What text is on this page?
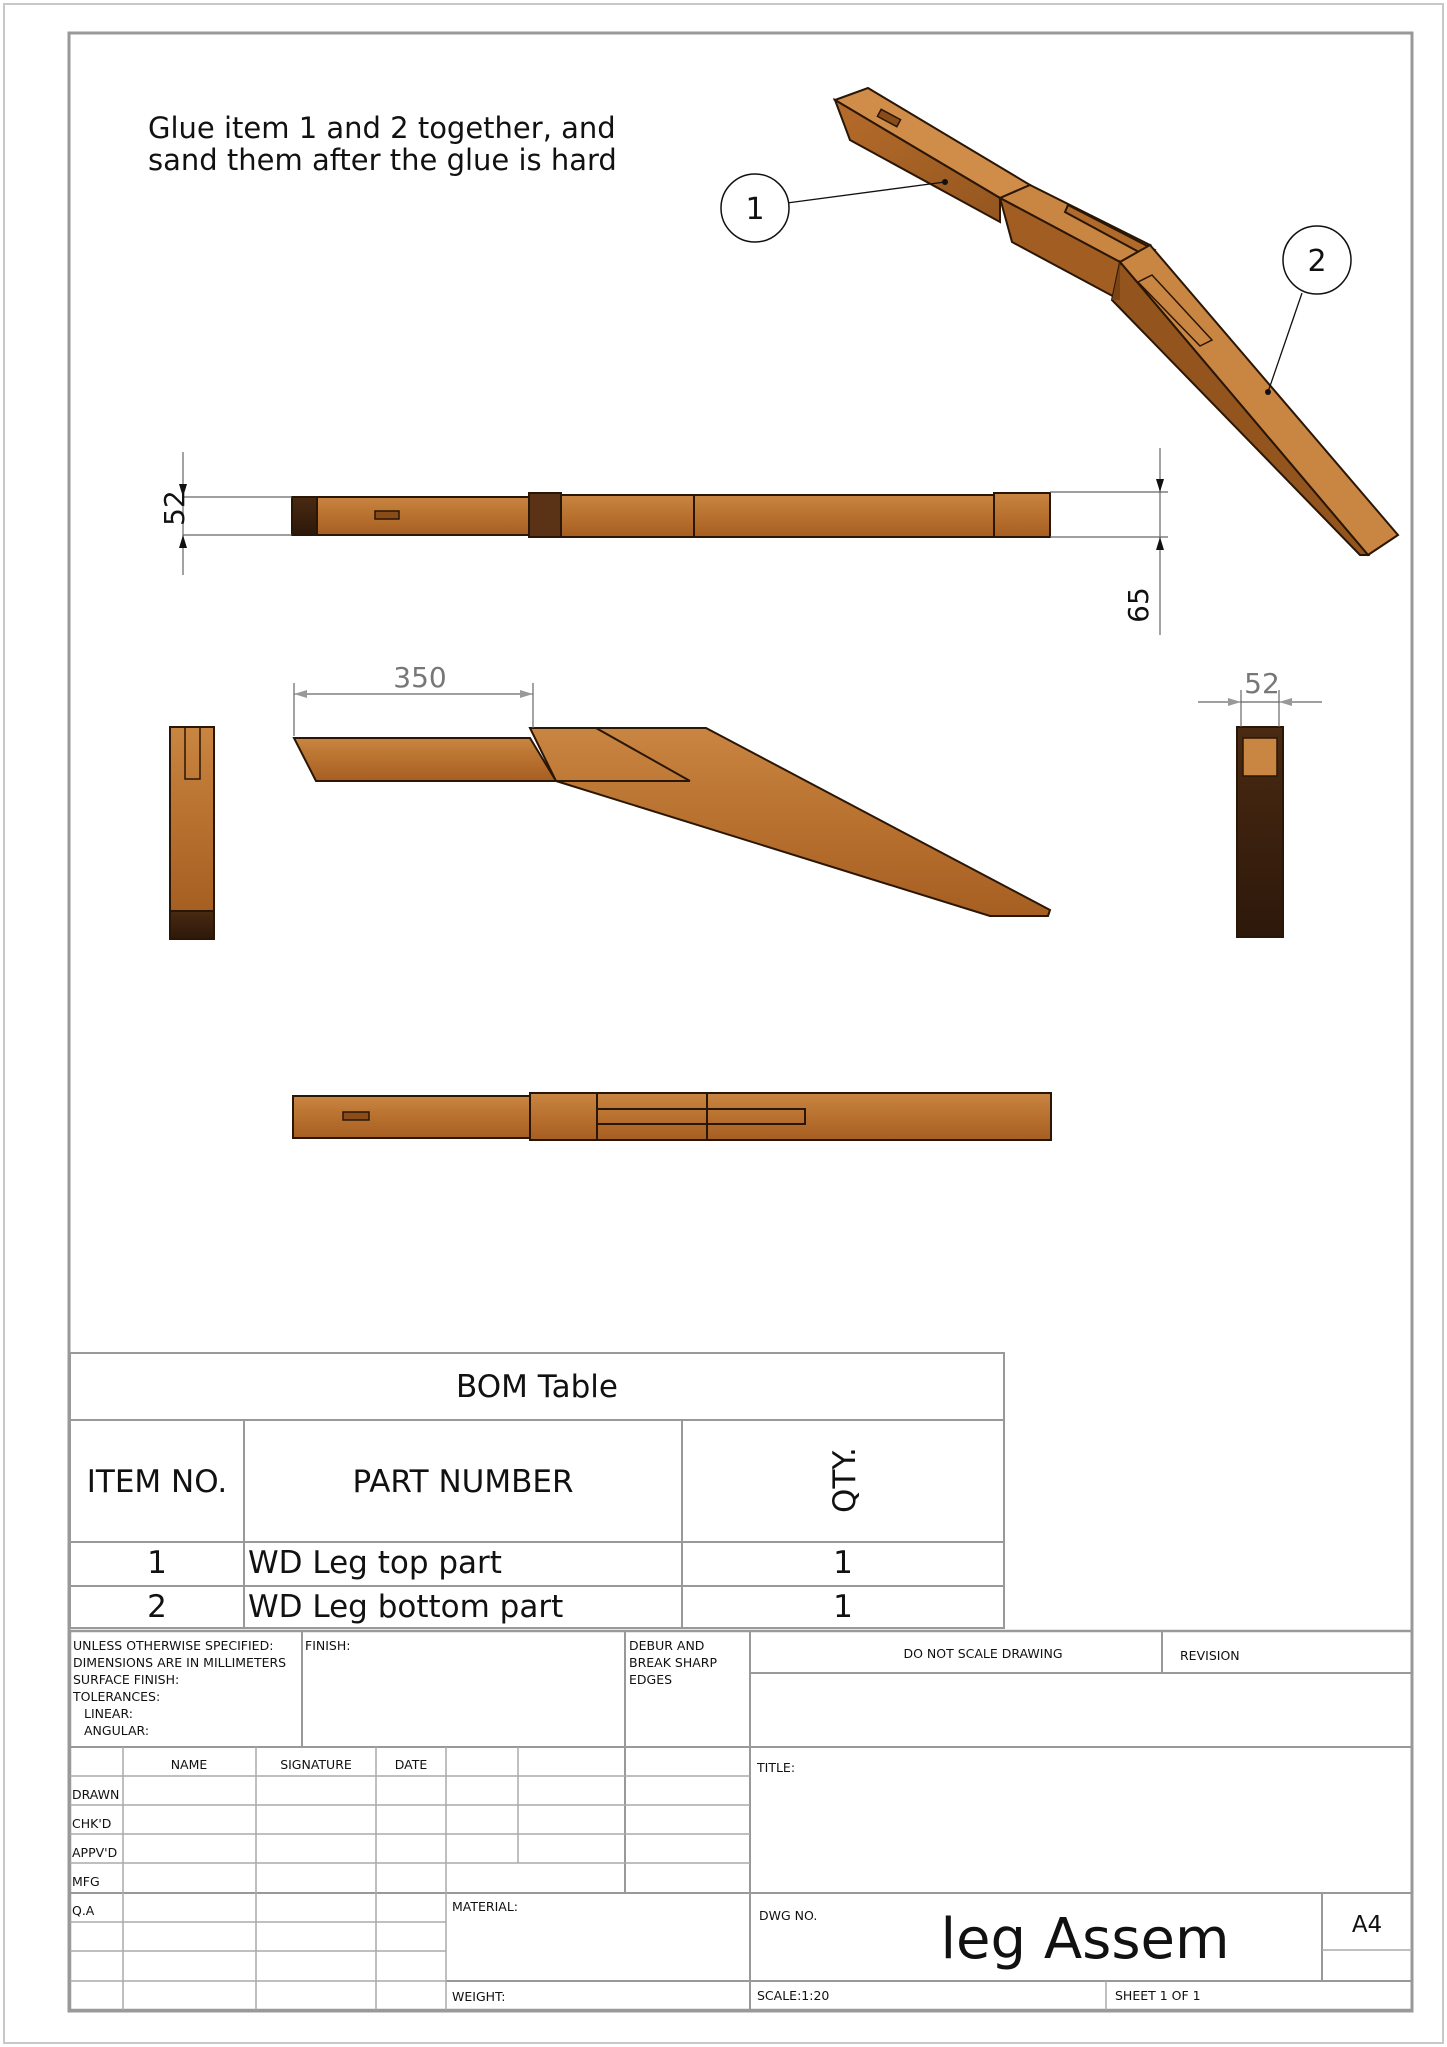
Glue item 1 and 2 together, and
sand them after the glue is hard
1
2
52
65
350	52
BOM Table
ITEM NO.	PART NUMBER	QTY.
1	WD Leg top part	1
2	WD Leg bottom part	1
UNLESS OTHERWISE SPECIFIED:
DIMENSIONS ARE IN MILLIMETERS
SURFACE FINISH:
TOLERANCES:
LINEAR:
ANGULAR:
FINISH:	DEBUR AND
BREAK SHARP
EDGES
DO NOT SCALE DRAWING	REVISION
NAME	SIGNATURE	DATE
DRAWN
CHK'D
APPV'D
MFG
Q.A
TITLE:
MATERIAL:
WEIGHT:
DWG NO. leg Assem	A4
SCALE:1:20	SHEET 1 OF 1
